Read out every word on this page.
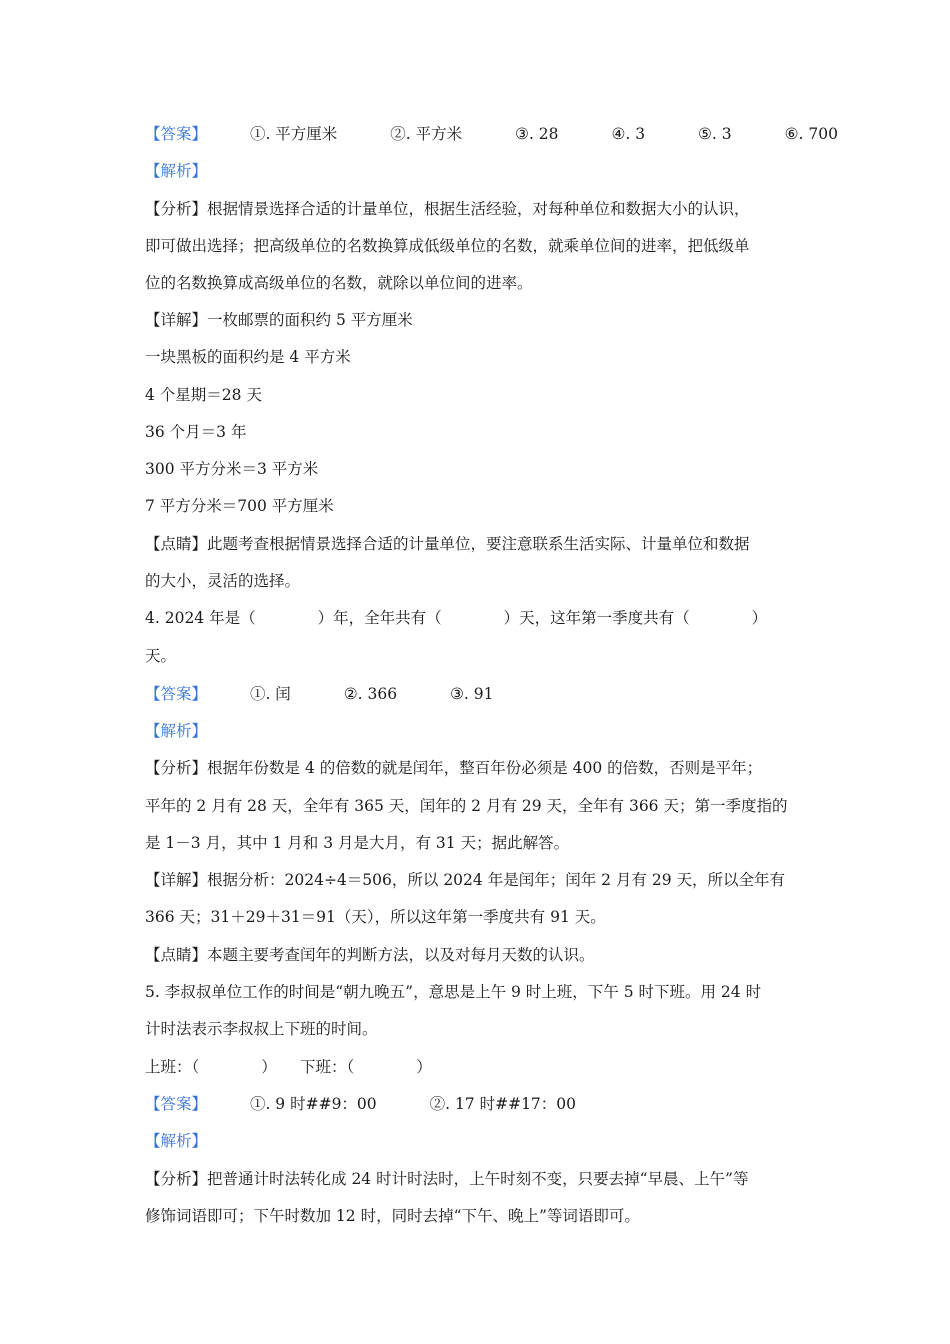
【答案】	①. 平方厘米	②. 平方米	③. 28	④. 3	⑤. 3	⑥. 700
【解析】
【分析】根据情景选择合适的计量单位，根据生活经验，对每种单位和数据大小的认识，
即可做出选择；把高级单位的名数换算成低级单位的名数，就乘单位间的进率，把低级单
位的名数换算成高级单位的名数，就除以单位间的进率。
【详解】一枚邮票的面积约 5 平方厘米
一块黑板的面积约是 4 平方米
4 个星期＝28 天
36 个月＝3 年
300 平方分米＝3 平方米
7 平方分米＝700 平方厘米
【点睛】此题考查根据情景选择合适的计量单位，要注意联系生活实际、计量单位和数据
的大小，灵活的选择。
4. 2024 年是（　　　　）年，全年共有（　　　　）天，这年第一季度共有（　　　　）
天。
【答案】	①. 闰	②. 366	③. 91
【解析】
【分析】根据年份数是 4 的倍数的就是闰年，整百年份必须是 400 的倍数，否则是平年；
平年的 2 月有 28 天，全年有 365 天，闰年的 2 月有 29 天，全年有 366 天；第一季度指的
是 1－3 月，其中 1 月和 3 月是大月，有 31 天；据此解答。
【详解】根据分析：2024÷4＝506，所以 2024 年是闰年；闰年 2 月有 29 天，所以全年有
366 天；31＋29＋31＝91（天），所以这年第一季度共有 91 天。
【点睛】本题主要考查闰年的判断方法，以及对每月天数的认识。
5. 李叔叔单位工作的时间是“朝九晚五”，意思是上午 9 时上班，下午 5 时下班。用 24 时
计时法表示李叔叔上下班的时间。
上班：（　　　　）　　下班：（　　　　）
【答案】	①. 9 时##9：00	②. 17 时##17：00
【解析】
【分析】把普通计时法转化成 24 时计时法时，上午时刻不变，只要去掉“早晨、上午”等
修饰词语即可；下午时数加 12 时，同时去掉“下午、晚上”等词语即可。
